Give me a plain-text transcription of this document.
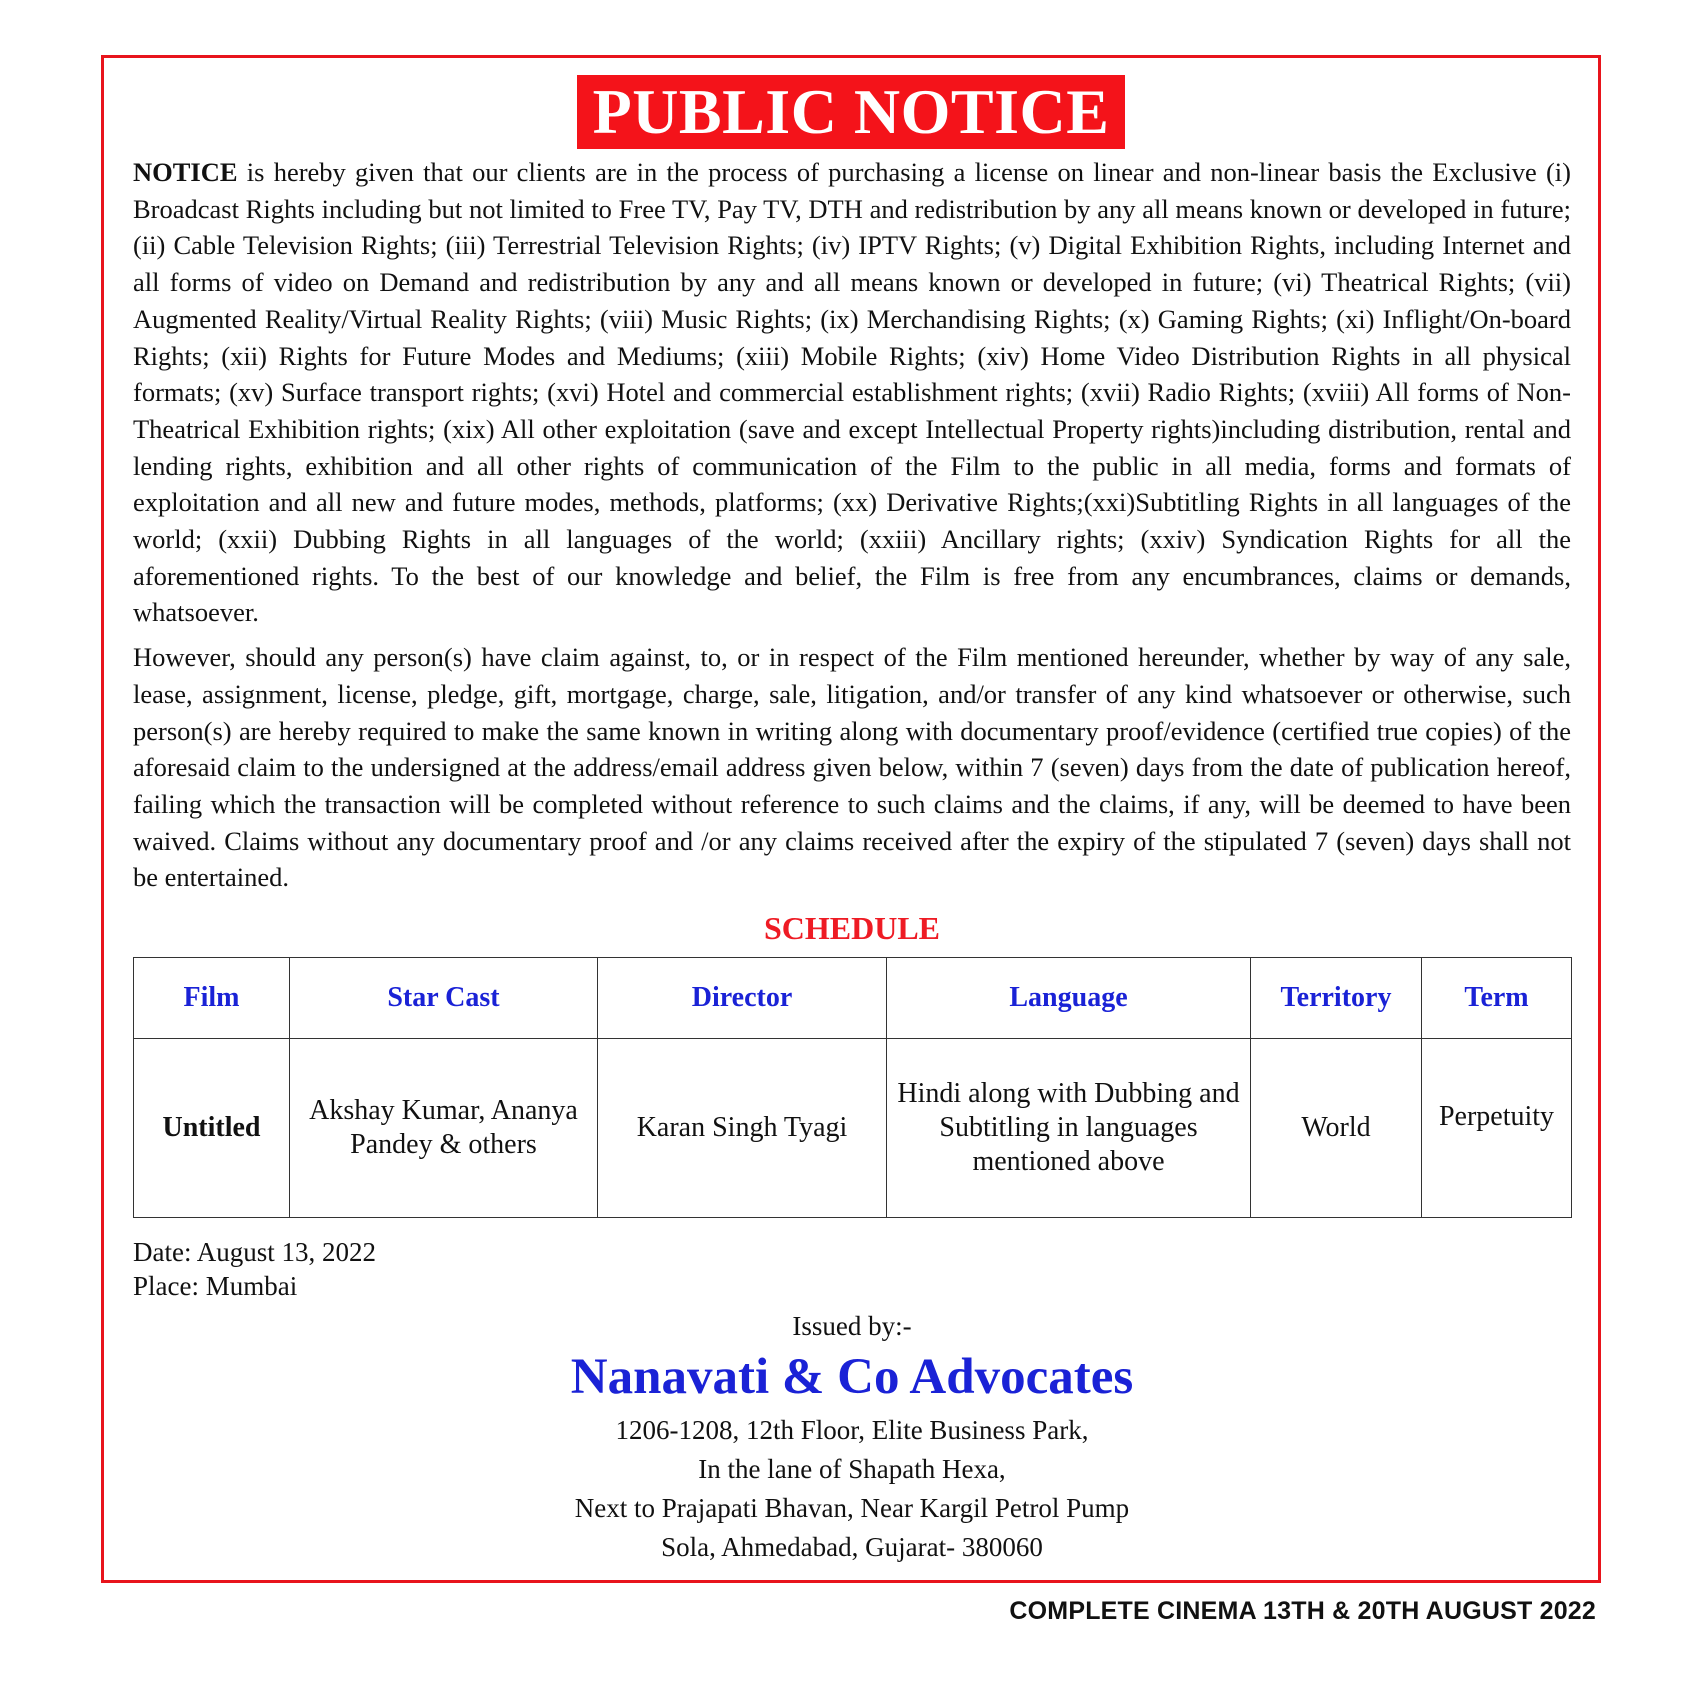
PUBLIC NOTICE

NOTICE is hereby given that our clients are in the process of purchasing a license on linear and non-linear basis the Exclusive (i) Broadcast Rights including but not limited to Free TV, Pay TV, DTH and redistribution by any all means known or developed in future; (ii) Cable Television Rights; (iii) Terrestrial Television Rights; (iv) IPTV Rights; (v) Digital Exhibition Rights, including Internet and all forms of video on Demand and redistribution by any and all means known or developed in future; (vi) Theatrical Rights; (vii) Augmented Reality/Virtual Reality Rights; (viii) Music Rights; (ix) Merchandising Rights; (x) Gaming Rights; (xi) Inflight/On-board Rights; (xii) Rights for Future Modes and Mediums; (xiii) Mobile Rights; (xiv) Home Video Distribution Rights in all physical formats; (xv) Surface transport rights; (xvi) Hotel and commercial establishment rights; (xvii) Radio Rights; (xviii) All forms of Non-Theatrical Exhibition rights; (xix) All other exploitation (save and except Intellectual Property rights)including distribution, rental and lending rights, exhibition and all other rights of communication of the Film to the public in all media, forms and formats of exploitation and all new and future modes, methods, platforms; (xx) Derivative Rights;(xxi)Subtitling Rights in all languages of the world; (xxii) Dubbing Rights in all languages of the world; (xxiii) Ancillary rights; (xxiv) Syndication Rights for all the aforementioned rights. To the best of our knowledge and belief, the Film is free from any encumbrances, claims or demands, whatsoever.

However, should any person(s) have claim against, to, or in respect of the Film mentioned hereunder, whether by way of any sale, lease, assignment, license, pledge, gift, mortgage, charge, sale, litigation, and/or transfer of any kind whatsoever or otherwise, such person(s) are hereby required to make the same known in writing along with documentary proof/evidence (certified true copies) of the aforesaid claim to the undersigned at the address/email address given below, within 7 (seven) days from the date of publication hereof, failing which the transaction will be completed without reference to such claims and the claims, if any, will be deemed to have been waived. Claims without any documentary proof and /or any claims received after the expiry of the stipulated 7 (seven) days shall not be entertained.

SCHEDULE
Film	Star Cast	Director	Language	Territory	Term
Untitled	Akshay Kumar, Ananya Pandey & others	Karan Singh Tyagi	Hindi along with Dubbing and Subtitling in languages mentioned above	World	Perpetuity
Date: August 13, 2022
Place: Mumbai
Issued by:-
Nanavati & Co Advocates
1206-1208, 12th Floor, Elite Business Park,
In the lane of Shapath Hexa,
Next to Prajapati Bhavan, Near Kargil Petrol Pump
Sola, Ahmedabad, Gujarat- 380060
COMPLETE CINEMA 13TH & 20TH AUGUST 2022
